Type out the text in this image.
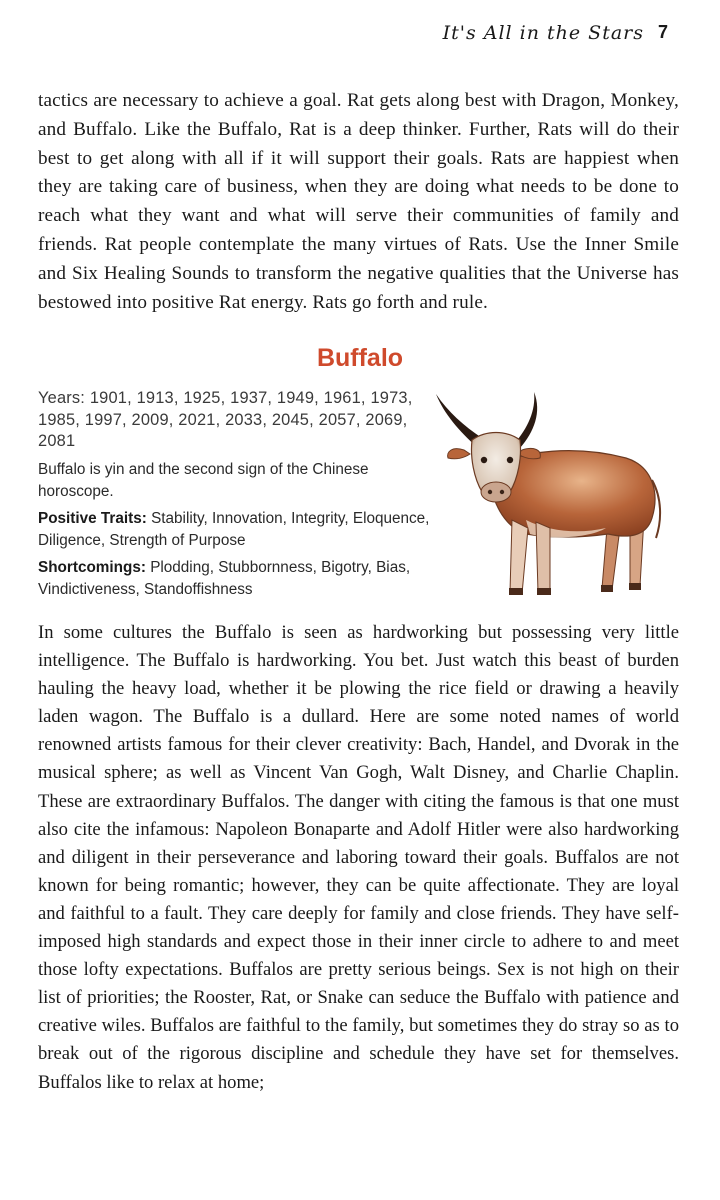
It's All in the Stars 7

tactics are necessary to achieve a goal. Rat gets along best with Dragon, Monkey, and Buffalo. Like the Buffalo, Rat is a deep thinker. Further, Rats will do their best to get along with all if it will support their goals. Rats are happiest when they are taking care of business, when they are doing what needs to be done to reach what they want and what will serve their communities of family and friends. Rat people contemplate the many virtues of Rats. Use the Inner Smile and Six Healing Sounds to transform the negative qualities that the Universe has bestowed into positive Rat energy. Rats go forth and rule.

Buffalo

Years: 1901, 1913, 1925, 1937, 1949, 1961, 1973, 1985, 1997, 2009, 2021, 2033, 2045, 2057, 2069, 2081

Buffalo is yin and the second sign of the Chinese horoscope.

Positive Traits: Stability, Innovation, Integrity, Eloquence, Diligence, Strength of Purpose

Shortcomings: Plodding, Stubbornness, Bigotry, Bias, Vindictiveness, Standoffishness

In some cultures the Buffalo is seen as hardworking but possessing very little intelligence. The Buffalo is hardworking. You bet. Just watch this beast of burden hauling the heavy load, whether it be plowing the rice field or drawing a heavily laden wagon. The Buffalo is a dullard. Here are some noted names of world renowned artists famous for their clever creativity: Bach, Handel, and Dvorak in the musical sphere; as well as Vincent Van Gogh, Walt Disney, and Charlie Chaplin. These are extraordinary Buffalos. The danger with citing the famous is that one must also cite the infamous: Napoleon Bonaparte and Adolf Hitler were also hardworking and diligent in their perseverance and laboring toward their goals. Buffalos are not known for being romantic; however, they can be quite affectionate. They are loyal and faithful to a fault. They care deeply for family and close friends. They have self-imposed high standards and expect those in their inner circle to adhere to and meet those lofty expectations. Buffalos are pretty serious beings. Sex is not high on their list of priorities; the Rooster, Rat, or Snake can seduce the Buffalo with patience and creative wiles. Buffalos are faithful to the family, but sometimes they do stray so as to break out of the rigorous discipline and schedule they have set for themselves. Buffalos like to relax at home;
